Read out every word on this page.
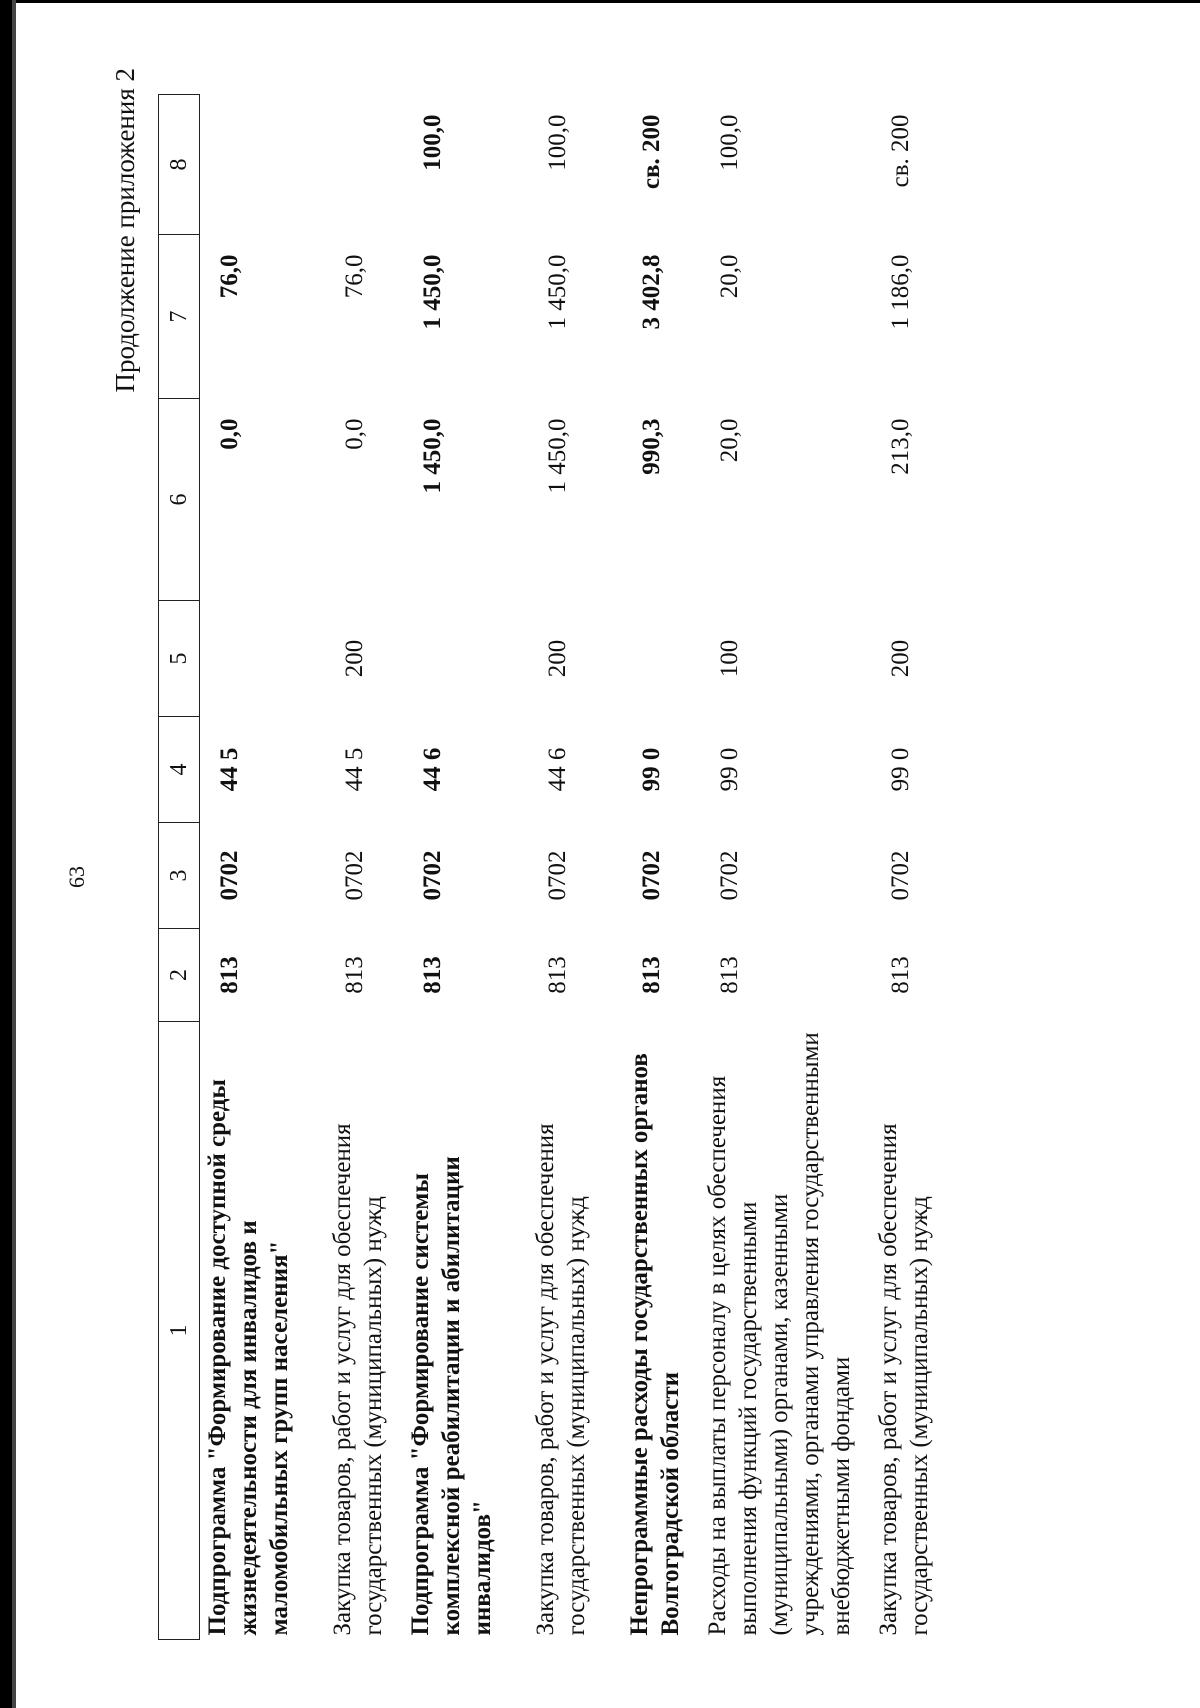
63
Продолжение приложения 2
1	2	3	4	5	6	7	8
Подпрограмма "Формирование доступной среды жизнедеятельности для инвалидов и маломобильных групп населения"	813	0702	44 5		0,0	76,0	
Закупка товаров, работ и услуг для обеспечения государственных (муниципальных) нужд	813	0702	44 5	200	0,0	76,0	
Подпрограмма "Формирование системы комплексной реабилитации и абилитации инвалидов"	813	0702	44 6		1 450,0	1 450,0	100,0
Закупка товаров, работ и услуг для обеспечения государственных (муниципальных) нужд	813	0702	44 6	200	1 450,0	1 450,0	100,0
Непрограммные расходы государственных органов Волгоградской области	813	0702	99 0		990,3	3 402,8	св. 200
Расходы на выплаты персоналу в целях обеспечения выполнения функций государственными (муниципальными) органами, казенными учреждениями, органами управления государственными внебюджетными фондами	813	0702	99 0	100	20,0	20,0	100,0
Закупка товаров, работ и услуг для обеспечения государственных (муниципальных) нужд	813	0702	99 0	200	213,0	1 186,0	св. 200
